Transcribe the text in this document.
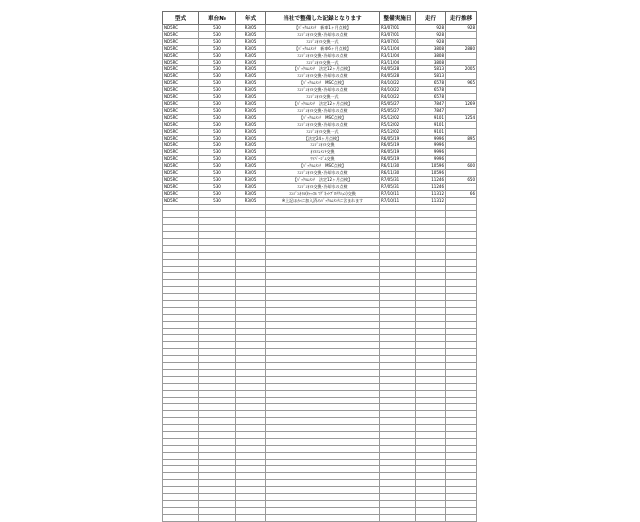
型式	車台№	年式	当社で整備した記録となります	整備実施日	走行	走行推移
ND5RC	530	R3/05	【ﾊﾞｯｸﾙﾑﾒﾝﾃ　新車1ヶ月点検】	R3/07/01	928	928
ND5RC	530	R3/05	ｴﾝｼﾞﾝｵｲﾙ交換･冷却水の点検	R3/07/01	928	
ND5RC	530	R3/05	ｴﾝｼﾞﾝｵｲﾙ交換一式	R3/07/01	928	
ND5RC	530	R3/05	【ﾊﾞｯｸﾙﾑﾒﾝﾃ　新車6ヶ月点検】	R3/11/04	3808	2880
ND5RC	530	R3/05	ｴﾝｼﾞﾝｵｲﾙ交換･冷却水の点検	R3/11/04	3808	
ND5RC	530	R3/05	ｴﾝｼﾞﾝｵｲﾙ交換一式	R3/11/04	3808	
ND5RC	530	R3/05	【ﾊﾞｯｸﾙﾑﾒﾝﾃ　法定12ヶ月点検】	R4/05/28	5813	2005
ND5RC	530	R3/05	ｴﾝｼﾞﾝｵｲﾙ交換･冷却水の点検	R4/05/28	5813	
ND5RC	530	R3/05	【ﾊﾞｯｸﾙﾑﾒﾝﾃ　MSC点検】	R4/10/22	6578	965
ND5RC	530	R3/05	ｴﾝｼﾞﾝｵｲﾙ交換･冷却水の点検	R4/10/22	6578	
ND5RC	530	R3/05	ｴﾝｼﾞﾝｵｲﾙ交換一式	R4/10/22	6578	
ND5RC	530	R3/05	【ﾊﾞｯｸﾙﾑﾒﾝﾃ　法定12ヶ月点検】	R5/05/27	7847	1269
ND5RC	530	R3/05	ｴﾝｼﾞﾝｵｲﾙ交換･冷却水の点検	R5/05/27	7847	
ND5RC	530	R3/05	【ﾊﾞｯｸﾙﾑﾒﾝﾃ　MSC点検】	R5/12/02	9101	1254
ND5RC	530	R3/05	ｴﾝｼﾞﾝｵｲﾙ交換･冷却水の点検	R5/12/02	9101	
ND5RC	530	R3/05	ｴﾝｼﾞﾝｵｲﾙ交換一式	R5/12/02	9101	
ND5RC	530	R3/05	【法定24ヶ月点検】	R6/05/19	9996	895
ND5RC	530	R3/05	ｴﾝｼﾞﾝｵｲﾙ交換	R6/05/19	9996	
ND5RC	530	R3/05	ｵｲﾙｴﾚﾒﾝﾄ交換	R6/05/19	9996	
ND5RC	530	R3/05	ﾜｲﾊﾟｰｺﾞﾑ交換	R6/05/19	9996	
ND5RC	530	R3/05	【ﾊﾞｯｸﾙﾑﾒﾝﾃ　MSC点検】	R6/11/30	10596	600
ND5RC	530	R3/05	ｴﾝｼﾞﾝｵｲﾙ交換･冷却水の点検	R6/11/30	10596	
ND5RC	530	R3/05	【ﾊﾞｯｸﾙﾑﾒﾝﾃ　法定12ヶ月点検】	R7/05/31	11246	650
ND5RC	530	R3/05	ｴﾝｼﾞﾝｵｲﾙ交換･冷却水の点検	R7/05/31	11246	
ND5RC	530	R3/05	ｴﾝｼﾞﾝｵｲﾙ(ｷｬｯｽﾙ ﾏｸﾞﾈｯﾄﾌﾟﾛﾃｸｼｮﾝ)交換	R7/10/11	11312	66
ND5RC	530	R3/05	※上記ほかに加入済みﾊﾞｯｸﾙﾑﾒﾝﾃに含まれます	R7/10/11	11312	
